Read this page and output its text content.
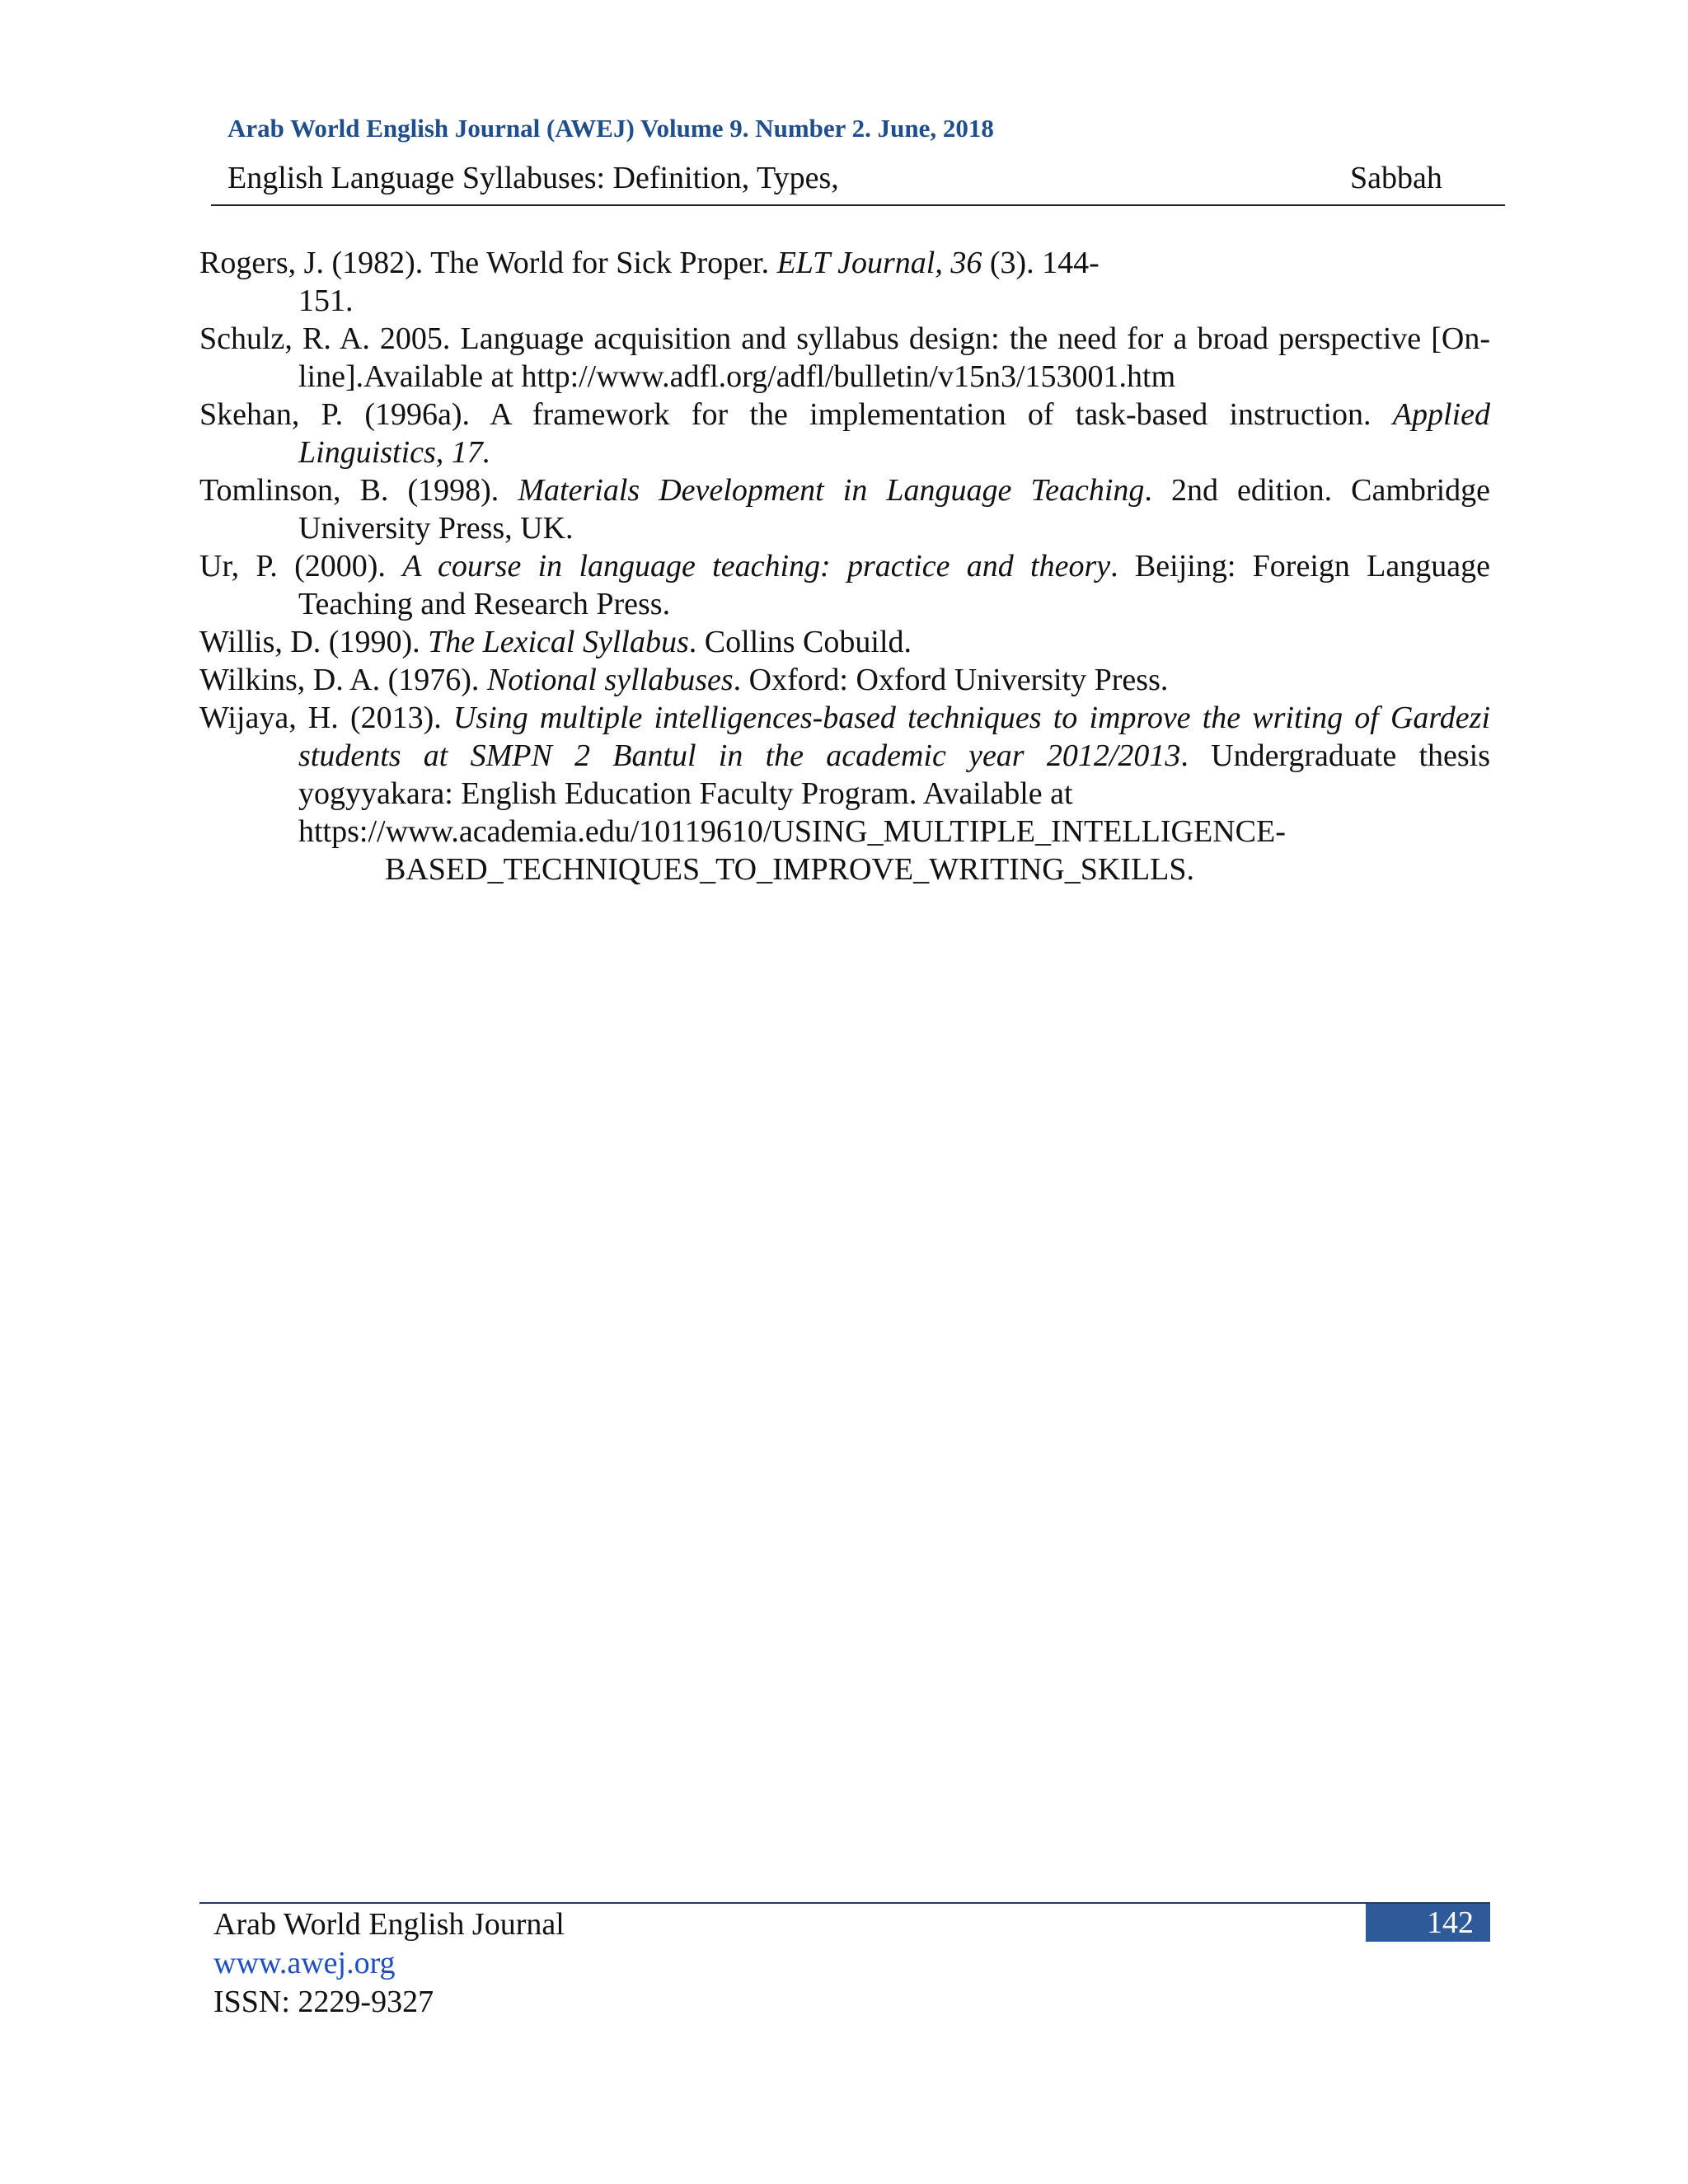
Arab World English Journal (AWEJ) Volume 9. Number 2. June, 2018
English Language Syllabuses: Definition, Types,	Sabbah

Rogers, J. (1982). The World for Sick Proper. ELT Journal, 36 (3). 144-
151.

Schulz, R. A. 2005. Language acquisition and syllabus design: the need for a broad perspective [On-line].Available at http://www.adfl.org/adfl/bulletin/v15n3/153001.htm

Skehan, P. (1996a). A framework for the implementation of task-based instruction. Applied Linguistics, 17.

Tomlinson, B. (1998). Materials Development in Language Teaching. 2nd edition. Cambridge University Press, UK.

Ur, P. (2000). A course in language teaching: practice and theory. Beijing: Foreign Language Teaching and Research Press.

Willis, D. (1990). The Lexical Syllabus. Collins Cobuild.

Wilkins, D. A. (1976). Notional syllabuses. Oxford: Oxford University Press.

Wijaya, H. (2013). Using multiple intelligences-based techniques to improve the writing of Gardezi students at SMPN 2 Bantul in the academic year 2012/2013. Undergraduate thesis yogyyakara: English Education Faculty Program. Available at
https://www.academia.edu/10119610/USING_MULTIPLE_INTELLIGENCE-
BASED_TECHNIQUES_TO_IMPROVE_WRITING_SKILLS.

Arab World English Journal
www.awej.org
ISSN: 2229-9327
142
